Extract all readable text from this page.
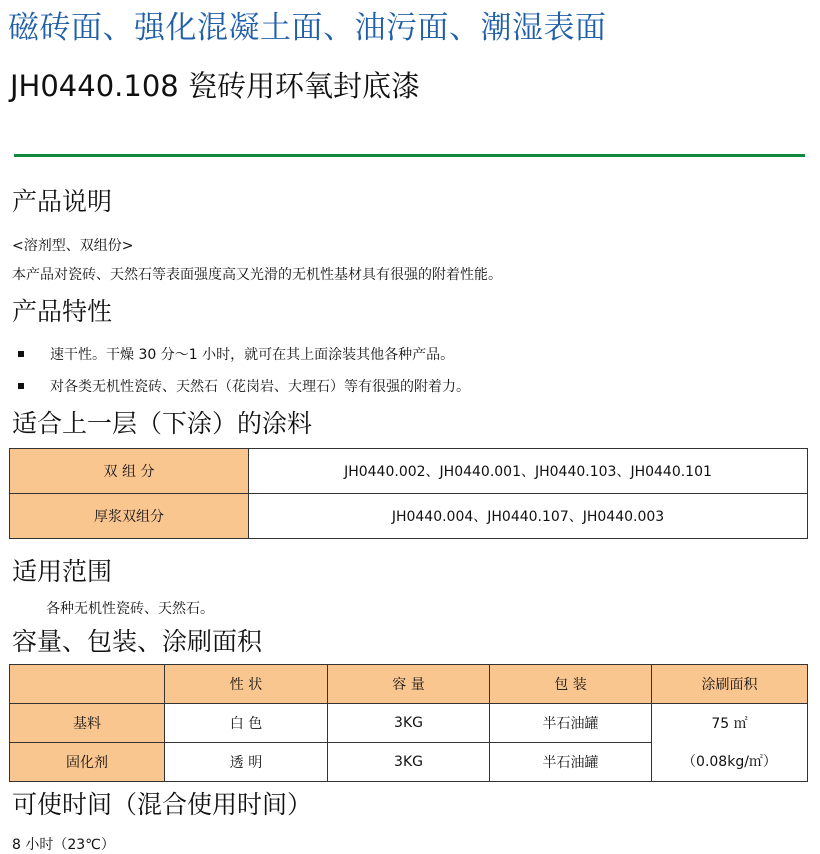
磁砖面、强化混凝土面、油污面、潮湿表面
JH0440.108 瓷砖用环氧封底漆
产品说明
<溶剂型、双组份>
本产品对瓷砖、天然石等表面强度高又光滑的无机性基材具有很强的附着性能。
产品特性
速干性。干燥 30 分～1 小时，就可在其上面涂装其他各种产品。
对各类无机性瓷砖、天然石（花岗岩、大理石）等有很强的附着力。
适合上一层（下涂）的涂料
双 组 分	JH0440.002、JH0440.001、JH0440.103、JH0440.101
厚浆双组分	JH0440.004、JH0440.107、JH0440.003
适用范围
各种无机性瓷砖、天然石。
容量、包装、涂刷面积
	性 状	容 量	包 装	涂刷面积
基料	白 色	3KG	半石油罐	75 ㎡
（0.08kg/㎡）

固化剂	透 明	3KG	半石油罐	
可使时间（混合使用时间）
8 小时（23℃）
